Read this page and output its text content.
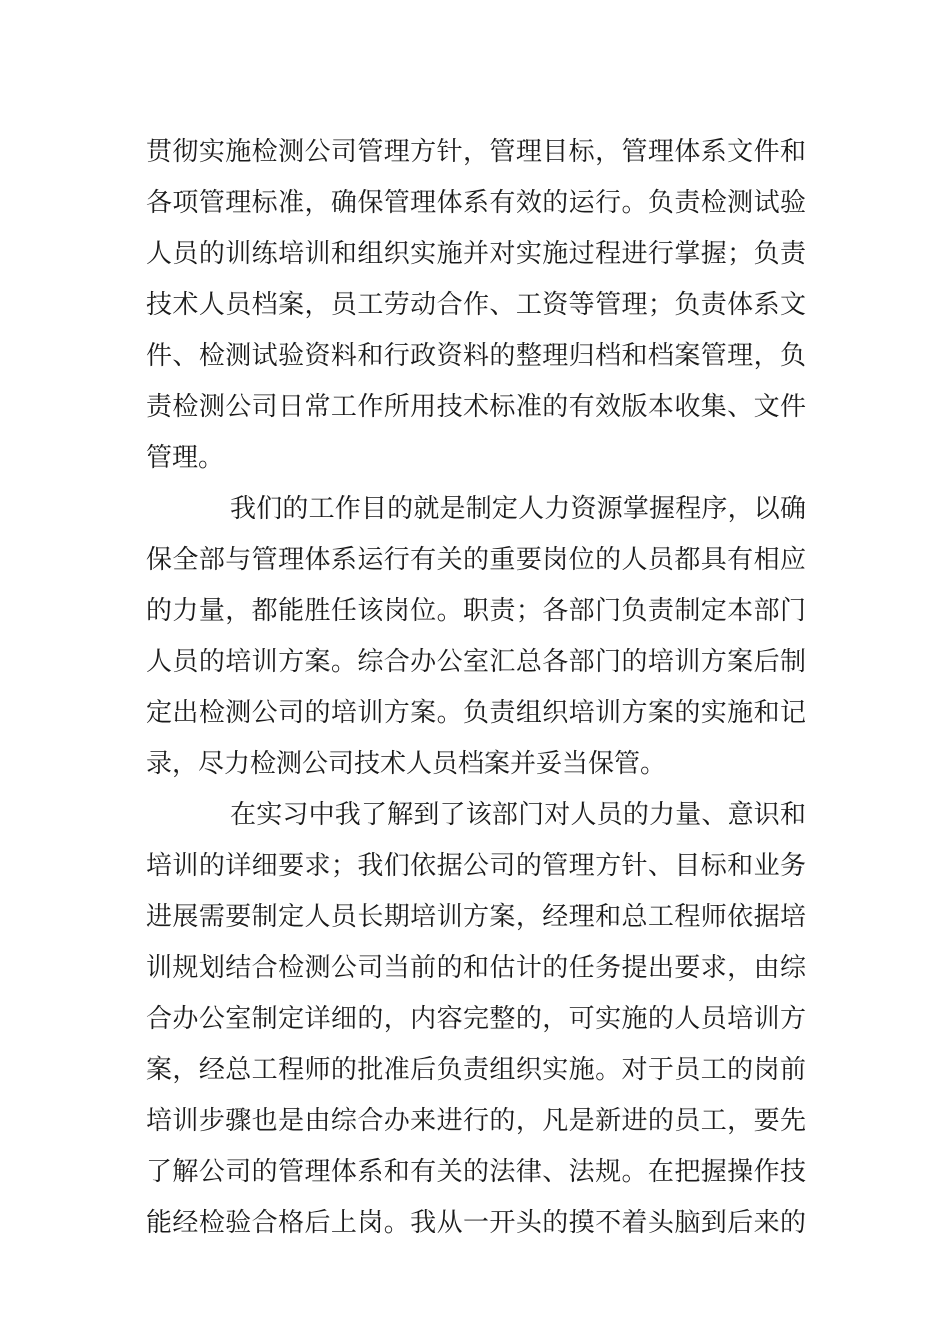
贯彻实施检测公司管理方针，管理目标，管理体系文件和
各项管理标准，确保管理体系有效的运行。负责检测试验
人员的训练培训和组织实施并对实施过程进行掌握；负责
技术人员档案，员工劳动合作、工资等管理；负责体系文
件、检测试验资料和行政资料的整理归档和档案管理，负
责检测公司日常工作所用技术标准的有效版本收集、文件
管理。
我们的工作目的就是制定人力资源掌握程序，以确
保全部与管理体系运行有关的重要岗位的人员都具有相应
的力量，都能胜任该岗位。职责；各部门负责制定本部门
人员的培训方案。综合办公室汇总各部门的培训方案后制
定出检测公司的培训方案。负责组织培训方案的实施和记
录，尽力检测公司技术人员档案并妥当保管。
在实习中我了解到了该部门对人员的力量、意识和
培训的详细要求；我们依据公司的管理方针、目标和业务
进展需要制定人员长期培训方案，经理和总工程师依据培
训规划结合检测公司当前的和估计的任务提出要求，由综
合办公室制定详细的，内容完整的，可实施的人员培训方
案，经总工程师的批准后负责组织实施。对于员工的岗前
培训步骤也是由综合办来进行的，凡是新进的员工，要先
了解公司的管理体系和有关的法律、法规。在把握操作技
能经检验合格后上岗。我从一开头的摸不着头脑到后来的
